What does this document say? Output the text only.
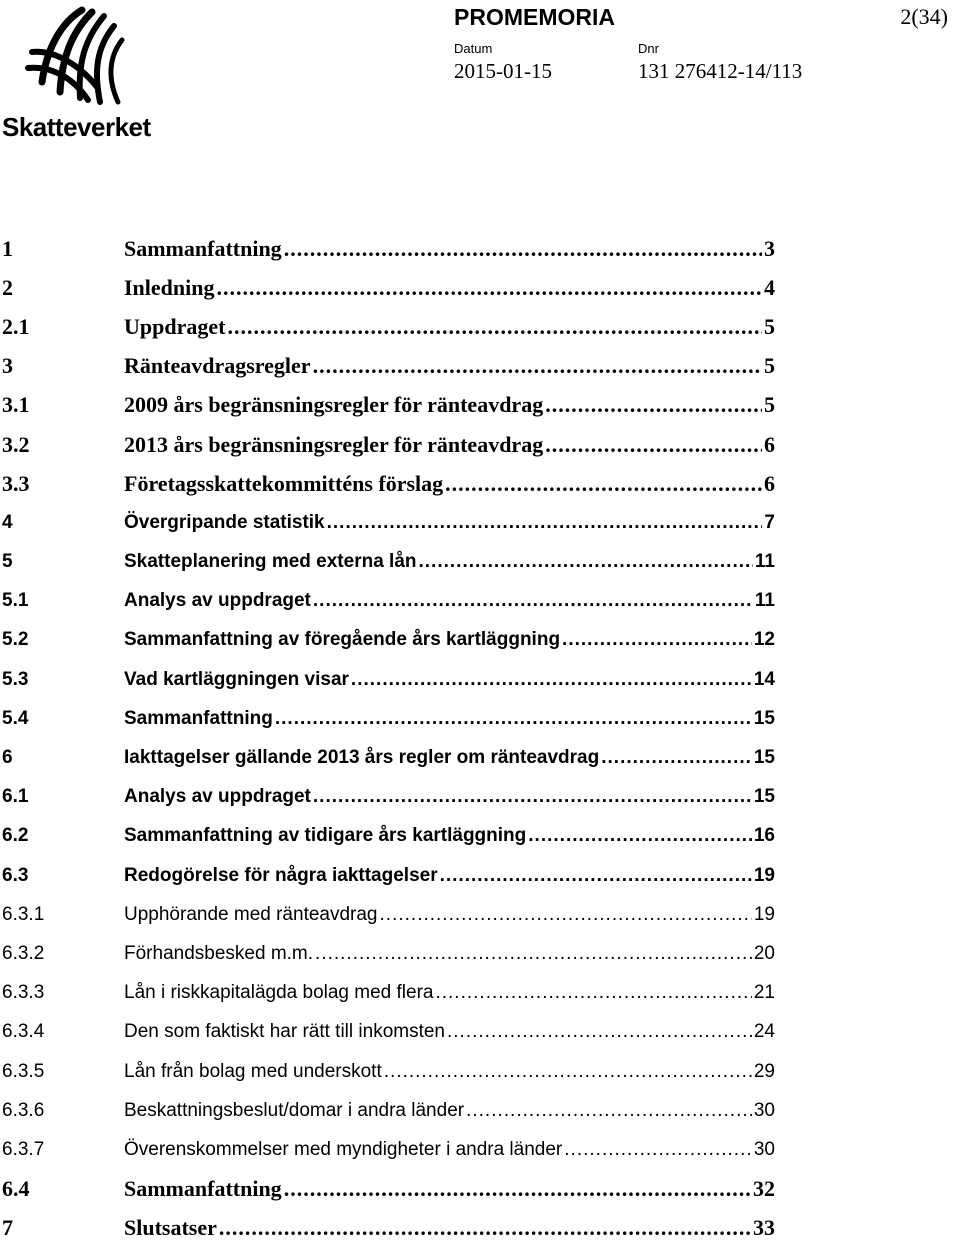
Skatteverket
PROMEMORIA	2(34)
Datum
2015-01-15
Dnr
131 276412-14/113
1	Sammanfattning .....	3
2	Inledning .....	4
2.1	Uppdraget .....	5
3	Ränteavdragsregler .....	5
3.1	2009 års begränsningsregler för ränteavdrag .....	5
3.2	2013 års begränsningsregler för ränteavdrag .....	6
3.3	Företagsskattekommitténs förslag .....	6
4	Övergripande statistik .....	7
5	Skatteplanering med externa lån .....	11
5.1	Analys av uppdraget .....	11
5.2	Sammanfattning av föregående års kartläggning .....	12
5.3	Vad kartläggningen visar .....	14
5.4	Sammanfattning .....	15
6	Iakttagelser gällande 2013 års regler om ränteavdrag .....	15
6.1	Analys av uppdraget .....	15
6.2	Sammanfattning av tidigare års kartläggning .....	16
6.3	Redogörelse för några iakttagelser .....	19
6.3.1	Upphörande med ränteavdrag .....	19
6.3.2	Förhandsbesked m.m. .....	20
6.3.3	Lån i riskkapitalägda bolag med flera .....	21
6.3.4	Den som faktiskt har rätt till inkomsten .....	24
6.3.5	Lån från bolag med underskott .....	29
6.3.6	Beskattningsbeslut/domar i andra länder .....	30
6.3.7	Överenskommelser med myndigheter i andra länder .....	30
6.4	Sammanfattning .....	32
7	Slutsatser .....	33
